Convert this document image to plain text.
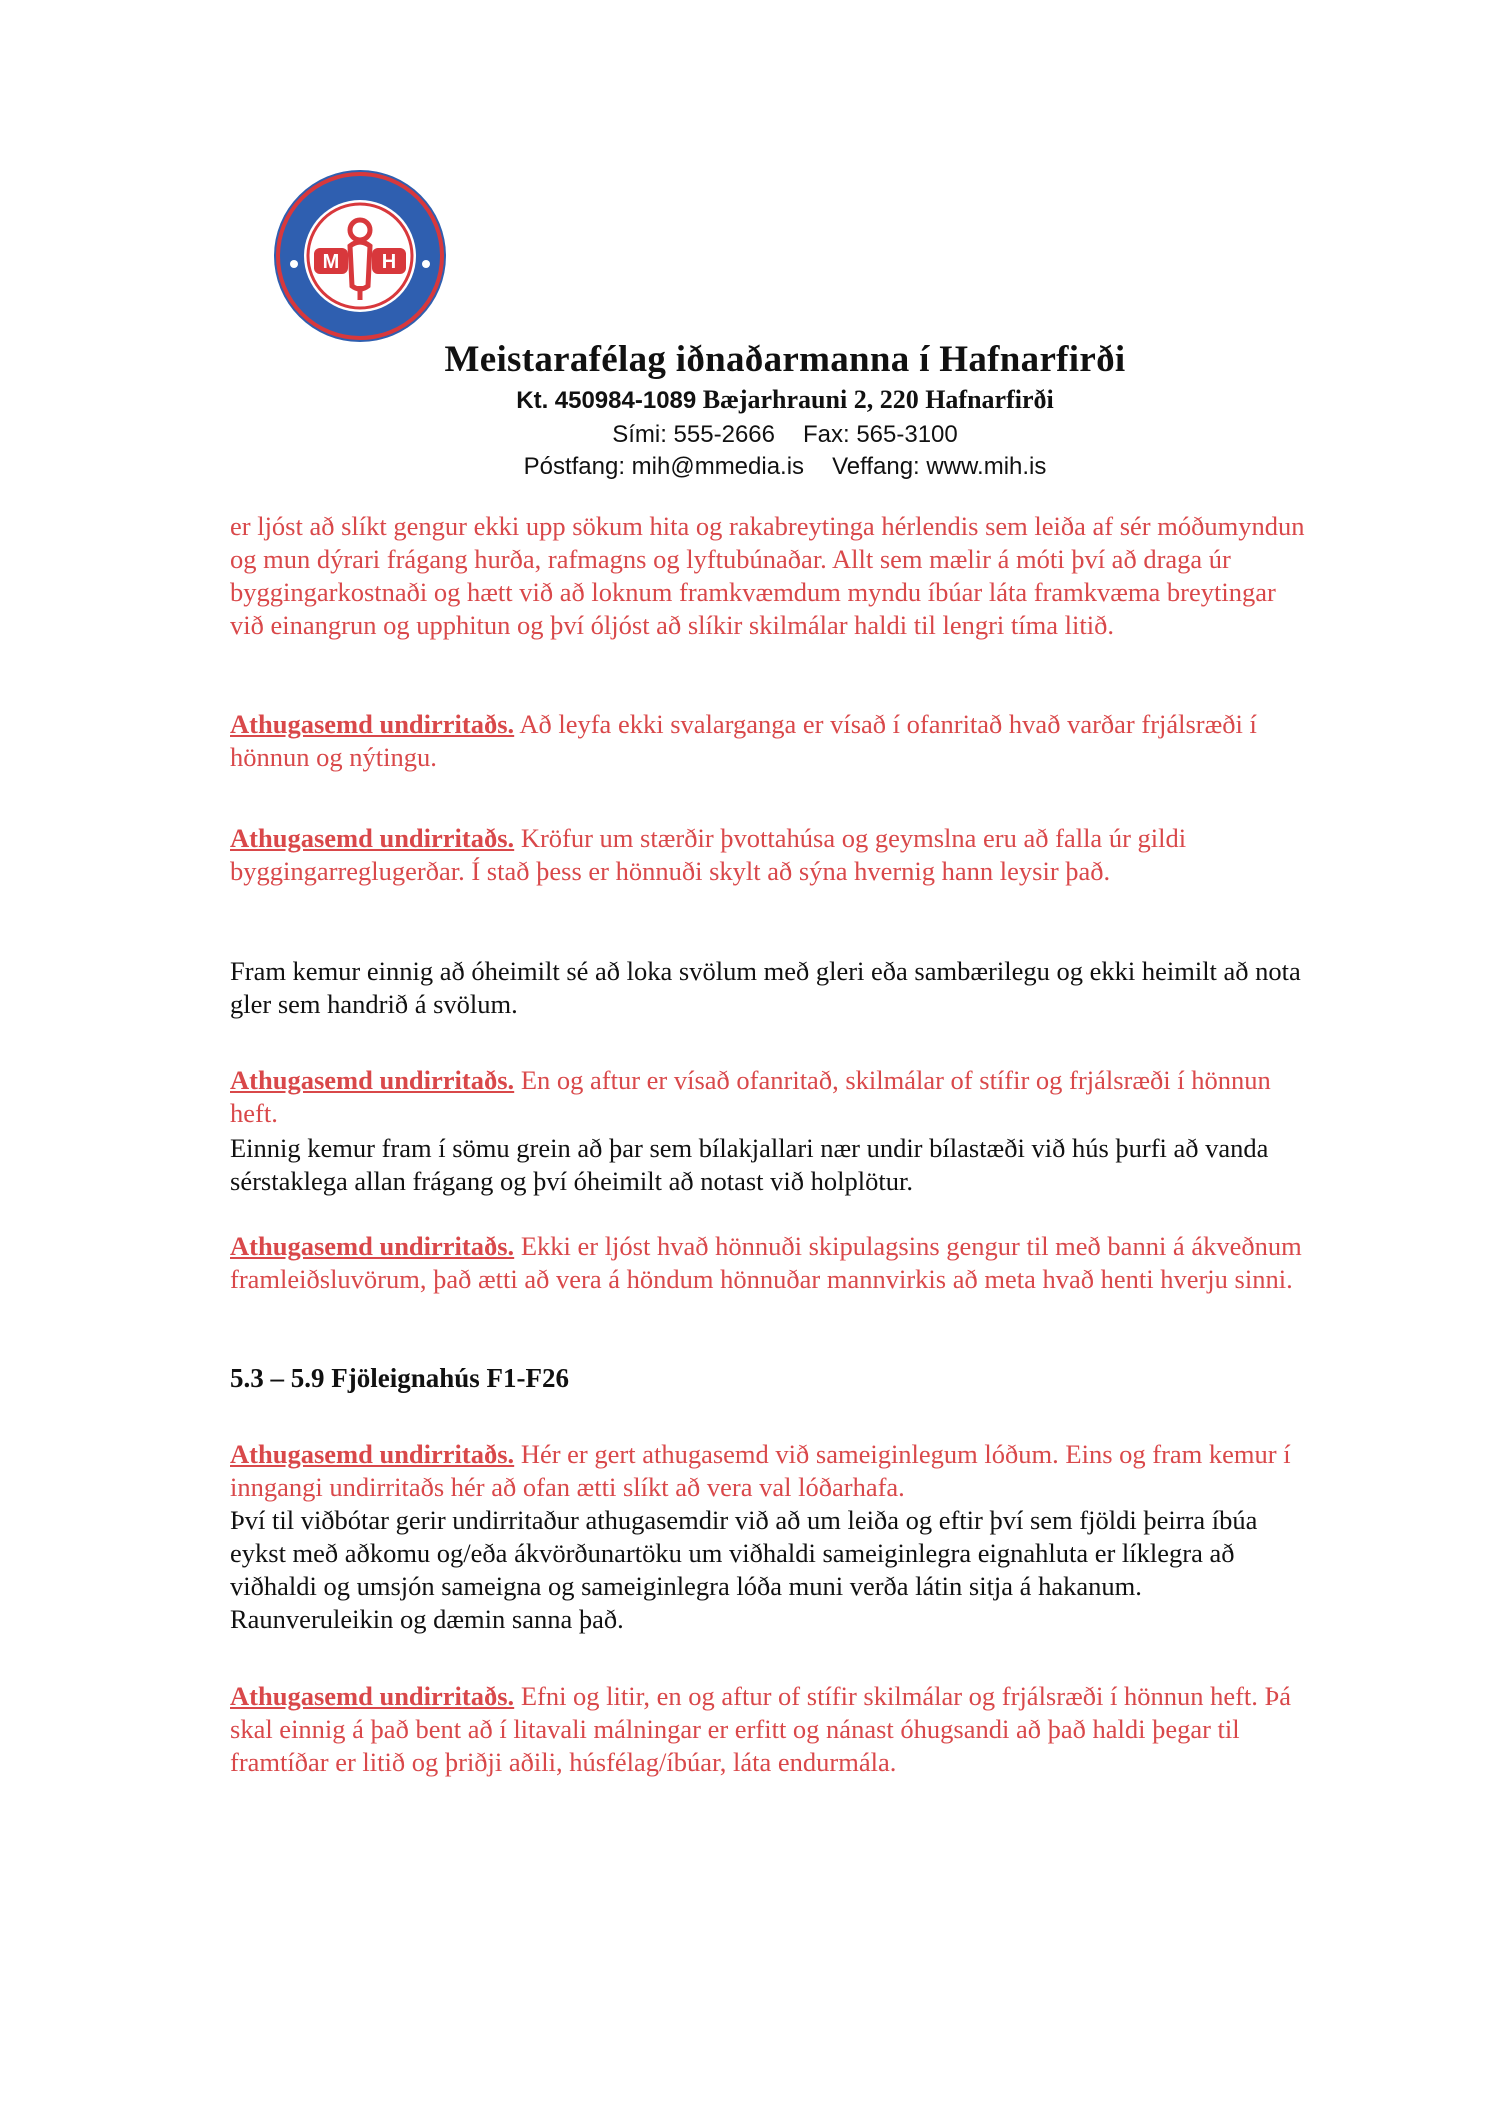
M H
Meistarafélag iðnaðarmanna í Hafnarfirði
Kt. 450984-1089 Bæjarhrauni 2, 220 Hafnarfirði
Sími: 555-2666 Fax: 565-3100
Póstfang: mih@mmedia.is Veffang: www.mih.is

er ljóst að slíkt gengur ekki upp sökum hita og rakabreytinga hérlendis sem leiða af sér móðumyndun og mun dýrari frágang hurða, rafmagns og lyftubúnaðar. Allt sem mælir á móti því að draga úr byggingarkostnaði og hætt við að loknum framkvæmdum myndu íbúar láta framkvæma breytingar við einangrun og upphitun og því óljóst að slíkir skilmálar haldi til lengri tíma litið.

Athugasemd undirritaðs. Að leyfa ekki svalarganga er vísað í ofanritað hvað varðar frjálsræði í hönnun og nýtingu.

Athugasemd undirritaðs. Kröfur um stærðir þvottahúsa og geymslna eru að falla úr gildi byggingarreglugerðar. Í stað þess er hönnuði skylt að sýna hvernig hann leysir það.

Fram kemur einnig að óheimilt sé að loka svölum með gleri eða sambærilegu og ekki heimilt að nota gler sem handrið á svölum.

Athugasemd undirritaðs. En og aftur er vísað ofanritað, skilmálar of stífir og frjálsræði í hönnun heft.

Einnig kemur fram í sömu grein að þar sem bílakjallari nær undir bílastæði við hús þurfi að vanda sérstaklega allan frágang og því óheimilt að notast við holplötur.

Athugasemd undirritaðs. Ekki er ljóst hvað hönnuði skipulagsins gengur til með banni á ákveðnum framleiðsluvörum, það ætti að vera á höndum hönnuðar mannvirkis að meta hvað henti hverju sinni.

5.3 – 5.9 Fjöleignahús F1-F26

Athugasemd undirritaðs. Hér er gert athugasemd við sameiginlegum lóðum. Eins og fram kemur í inngangi undirritaðs hér að ofan ætti slíkt að vera val lóðarhafa.

Því til viðbótar gerir undirritaður athugasemdir við að um leiða og eftir því sem fjöldi þeirra íbúa eykst með aðkomu og/eða ákvörðunartöku um viðhaldi sameiginlegra eignahluta er líklegra að viðhaldi og umsjón sameigna og sameiginlegra lóða muni verða látin sitja á hakanum. Raunveruleikin og dæmin sanna það.

Athugasemd undirritaðs. Efni og litir, en og aftur of stífir skilmálar og frjálsræði í hönnun heft. Þá skal einnig á það bent að í litavali málningar er erfitt og nánast óhugsandi að það haldi þegar til framtíðar er litið og þriðji aðili, húsfélag/íbúar, láta endurmála.
